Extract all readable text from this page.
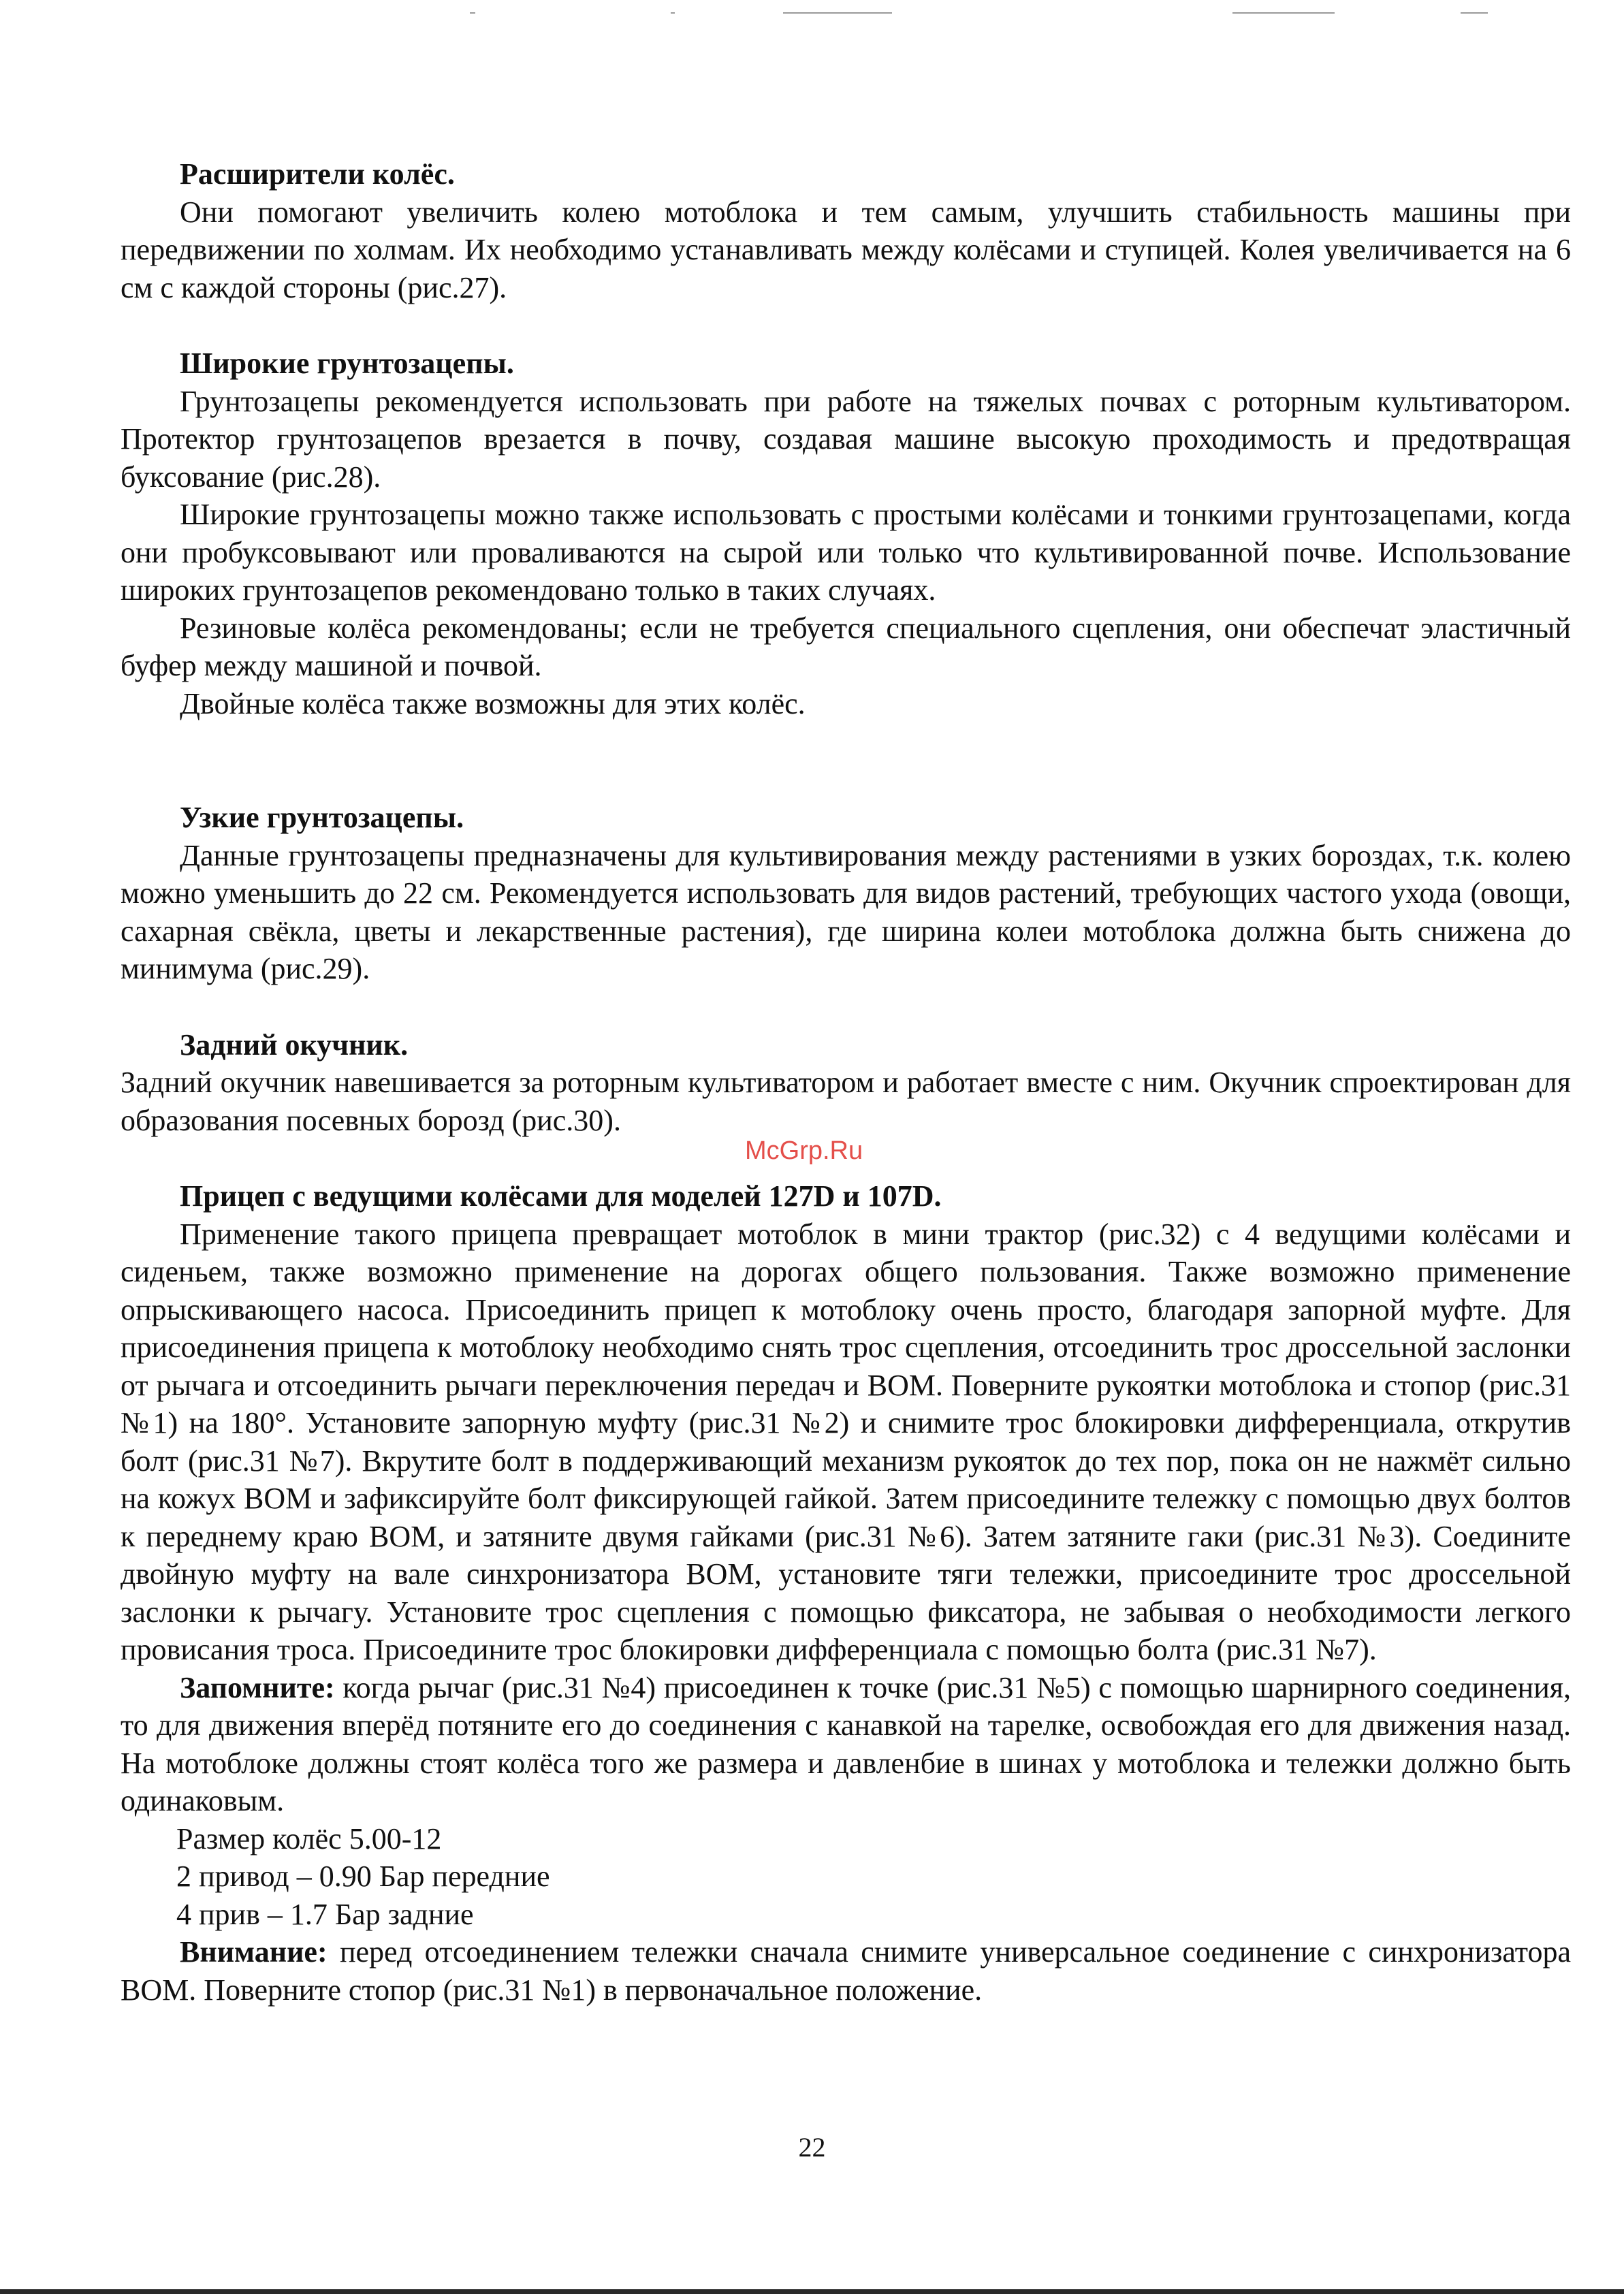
Расширители колёс.

Они помогают увеличить колею мотоблока и тем самым, улучшить стабильность машины при передвижении по холмам. Их необходимо устанавливать между колёсами и ступицей. Колея увеличивается на 6 см с каждой стороны (рис.27).

Широкие грунтозацепы.

Грунтозацепы рекомендуется использовать при работе на тяжелых почвах с роторным культиватором. Протектор грунтозацепов врезается в почву, создавая машине высокую проходимость и предотвращая буксование (рис.28).

Широкие грунтозацепы можно также использовать с простыми колёсами и тонкими грунтозацепами, когда они пробуксовывают или проваливаются на сырой или только что культивированной почве. Использование широких грунтозацепов рекомендовано только в таких случаях.

Резиновые колёса рекомендованы; если не требуется специального сцепления, они обеспечат эластичный буфер между машиной и почвой.

Двойные колёса также возможны для этих колёс.

Узкие грунтозацепы.

Данные грунтозацепы предназначены для культивирования между растениями в узких бороздах, т.к. колею можно уменьшить до 22 см. Рекомендуется использовать для видов растений, требующих частого ухода (овощи, сахарная свёкла, цветы и лекарственные растения), где ширина колеи мотоблока должна быть снижена до минимума (рис.29).

Задний окучник.

Задний окучник навешивается за роторным культиватором и работает вместе с ним. Окучник спроектирован для образования посевных борозд (рис.30).

Прицеп с ведущими колёсами для моделей 127D и 107D.

Применение такого прицепа превращает мотоблок в мини трактор (рис.32) с 4 ведущими колёсами и сиденьем, также возможно применение на дорогах общего пользования. Также возможно применение опрыскивающего насоса. Присоединить прицеп к мотоблоку очень просто, благодаря запорной муфте. Для присоединения прицепа к мотоблоку необходимо снять трос сцепления, отсоединить трос дроссельной заслонки от рычага и отсоединить рычаги переключения передач и ВОМ. Поверните рукоятки мотоблока и стопор (рис.31 №1) на 180°. Установите запорную муфту (рис.31 №2) и снимите трос блокировки дифференциала, открутив болт (рис.31 №7). Вкрутите болт в поддерживающий механизм рукояток до тех пор, пока он не нажмёт сильно на кожух ВОМ и зафиксируйте болт фиксирующей гайкой. Затем присоедините тележку с помощью двух болтов к переднему краю ВОМ, и затяните двумя гайками (рис.31 №6). Затем затяните гаки (рис.31 №3). Соедините двойную муфту на вале синхронизатора ВОМ, установите тяги тележки, присоедините трос дроссельной заслонки к рычагу. Установите трос сцепления с помощью фиксатора, не забывая о необходимости легкого провисания троса. Присоедините трос блокировки дифференциала с помощью болта (рис.31 №7).

Запомните: когда рычаг (рис.31 №4) присоединен к точке (рис.31 №5) с помощью шарнирного соединения, то для движения вперёд потяните его до соединения с канавкой на тарелке, освобождая его для движения назад. На мотоблоке должны стоят колёса того же размера и давленбие в шинах у мотоблока и тележки должно быть одинаковым.

Размер колёс 5.00-12

2 привод – 0.90 Бар передние

4 прив – 1.7 Бар задние

Внимание: перед отсоединением тележки сначала снимите универсальное соединение с синхронизатора ВОМ. Поверните стопор (рис.31 №1) в первоначальное положение.

McGrp.Ru
22
